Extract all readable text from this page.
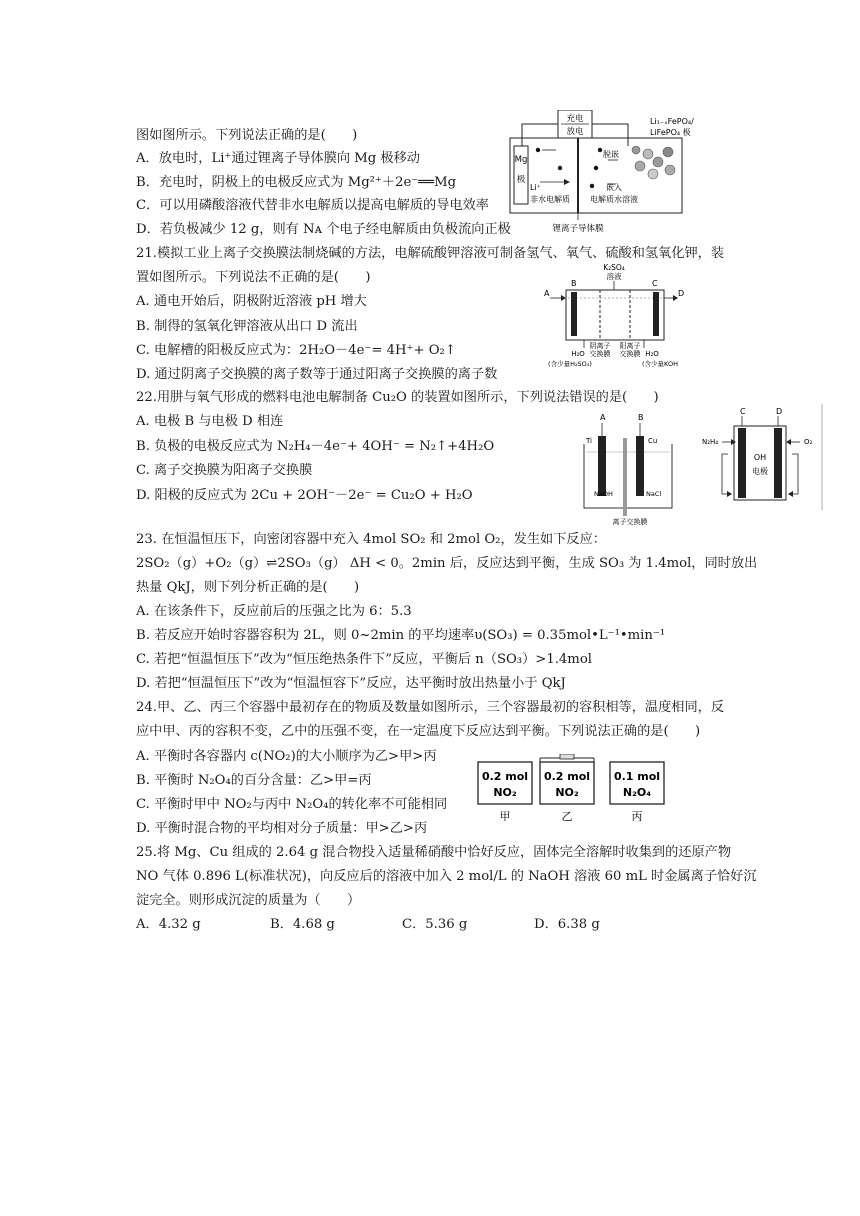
图如图所示。下列说法正确的是(　　)
A．放电时，Li⁺通过锂离子导体膜向 Mg 极移动
B．充电时，阴极上的电极反应式为 Mg²⁺＋2e⁻══Mg
C．可以用磷酸溶液代替非水电解质以提高电解质的导电效率
D．若负极减少 12 g，则有 Nᴀ 个电子经电解质由负极流向正极
充电
放电
Mg
极
脱嵌
嵌入
Li⁺
非水电解质	电解质水溶液
Li₁₋ₓFePO₄/
LiFePO₄ 极
锂离子导体膜
21.模拟工业上离子交换膜法制烧碱的方法，电解硫酸钾溶液可制备氢气、氧气、硫酸和氢氧化钾，装
置如图所示。下列说法不正确的是(　　)
A. 通电开始后，阴极附近溶液 pH 增大
B. 制得的氢氧化钾溶液从出口 D 流出
C. 电解槽的阳极反应式为：2H₂O－4e⁻= 4H⁺+ O₂↑
D. 通过阴离子交换膜的离子数等于通过阳离子交换膜的离子数
K₂SO₄
溶液
A
B	C
D
阴离子
交换膜
阳离子
交换膜
H₂O
(含少量H₂SO₄)
H₂O
(含少量KOH
22.用肼与氧气形成的燃料电池电解制备 Cu₂O 的装置如图所示，下列说法错误的是(　　)
A. 电极 B 与电极 D 相连
B. 负极的电极反应式为 N₂H₄－4e⁻+ 4OH⁻ = N₂↑+4H₂O
C. 离子交换膜为阳离子交换膜
D. 阳极的反应式为 2Cu + 2OH⁻－2e⁻ = Cu₂O + H₂O
A	B
Ti	Cu
NaOH	NaCl
离子交换膜
C	D
OH
电极
N₂H₄	O₂
23. 在恒温恒压下，向密闭容器中充入 4mol SO₂ 和 2mol O₂，发生如下反应：
2SO₂（g）+O₂（g）⇌2SO₃（g） ΔH < 0。2min 后，反应达到平衡，生成 SO₃ 为 1.4mol，同时放出
热量 QkJ，则下列分析正确的是(　　)
A. 在该条件下，反应前后的压强之比为 6：5.3
B. 若反应开始时容器容积为 2L，则 0~2min 的平均速率υ(SO₃) = 0.35mol•L⁻¹•min⁻¹
C. 若把“恒温恒压下”改为“恒压绝热条件下”反应，平衡后 n（SO₃）>1.4mol
D. 若把“恒温恒压下”改为“恒温恒容下”反应，达平衡时放出热量小于 QkJ
24.甲、乙、丙三个容器中最初存在的物质及数量如图所示，三个容器最初的容积相等，温度相同，反
应中甲、丙的容积不变，乙中的压强不变，在一定温度下反应达到平衡。下列说法正确的是(　　)
A. 平衡时各容器内 c(NO₂)的大小顺序为乙>甲>丙
B. 平衡时 N₂O₄的百分含量：乙>甲=丙
C. 平衡时甲中 NO₂与丙中 N₂O₄的转化率不可能相同
D. 平衡时混合物的平均相对分子质量：甲>乙>丙
0.2 mol
NO₂
甲
0.2 mol
NO₂
乙
0.1 mol
N₂O₄
丙
25.将 Mg、Cu 组成的 2.64 g 混合物投入适量稀硝酸中恰好反应，固体完全溶解时收集到的还原产物
NO 气体 0.896 L(标准状况)，向反应后的溶液中加入 2 mol/L 的 NaOH 溶液 60 mL 时金属离子恰好沉
淀完全。则形成沉淀的质量为（　　）
A．4.32 g	B．4.68 g	C．5.36 g	D．6.38 g
